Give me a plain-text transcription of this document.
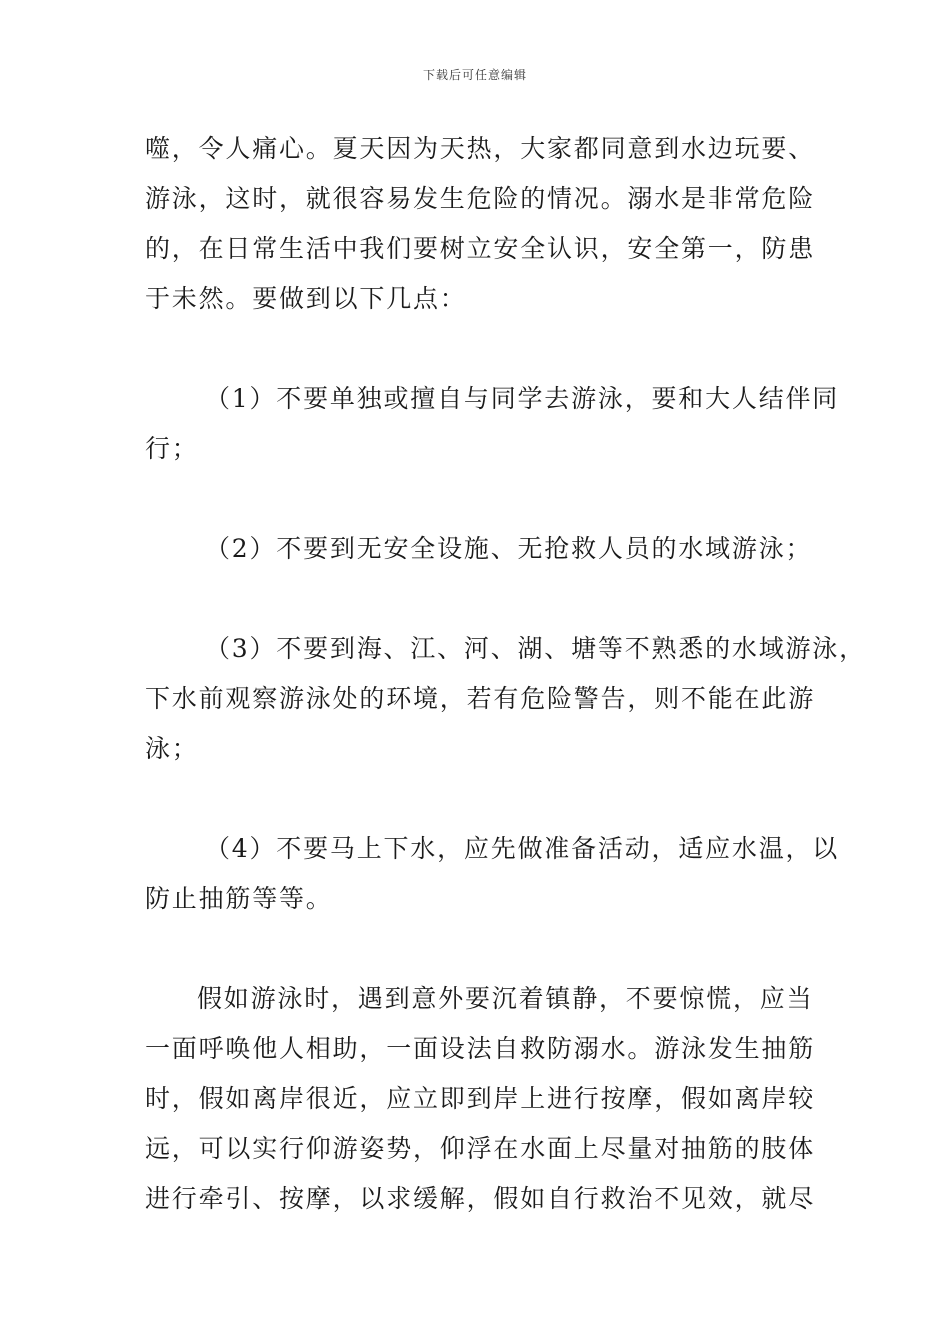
下载后可任意编辑
噬，令人痛心。夏天因为天热，大家都同意到水边玩要、
游泳，这时，就很容易发生危险的情况。溺水是非常危险
的，在日常生活中我们要树立安全认识，安全第一，防患
于未然。要做到以下几点：
（1）不要单独或擅自与同学去游泳，要和大人结伴同
行；
（2）不要到无安全设施、无抢救人员的水域游泳；
（3）不要到海、江、河、湖、塘等不熟悉的水域游泳，
下水前观察游泳处的环境，若有危险警告，则不能在此游
泳；
（4）不要马上下水，应先做准备活动，适应水温，以
防止抽筋等等。
假如游泳时，遇到意外要沉着镇静，不要惊慌，应当
一面呼唤他人相助，一面设法自救防溺水。游泳发生抽筋
时，假如离岸很近，应立即到岸上进行按摩，假如离岸较
远，可以实行仰游姿势，仰浮在水面上尽量对抽筋的肢体
进行牵引、按摩，以求缓解，假如自行救治不见效，就尽
